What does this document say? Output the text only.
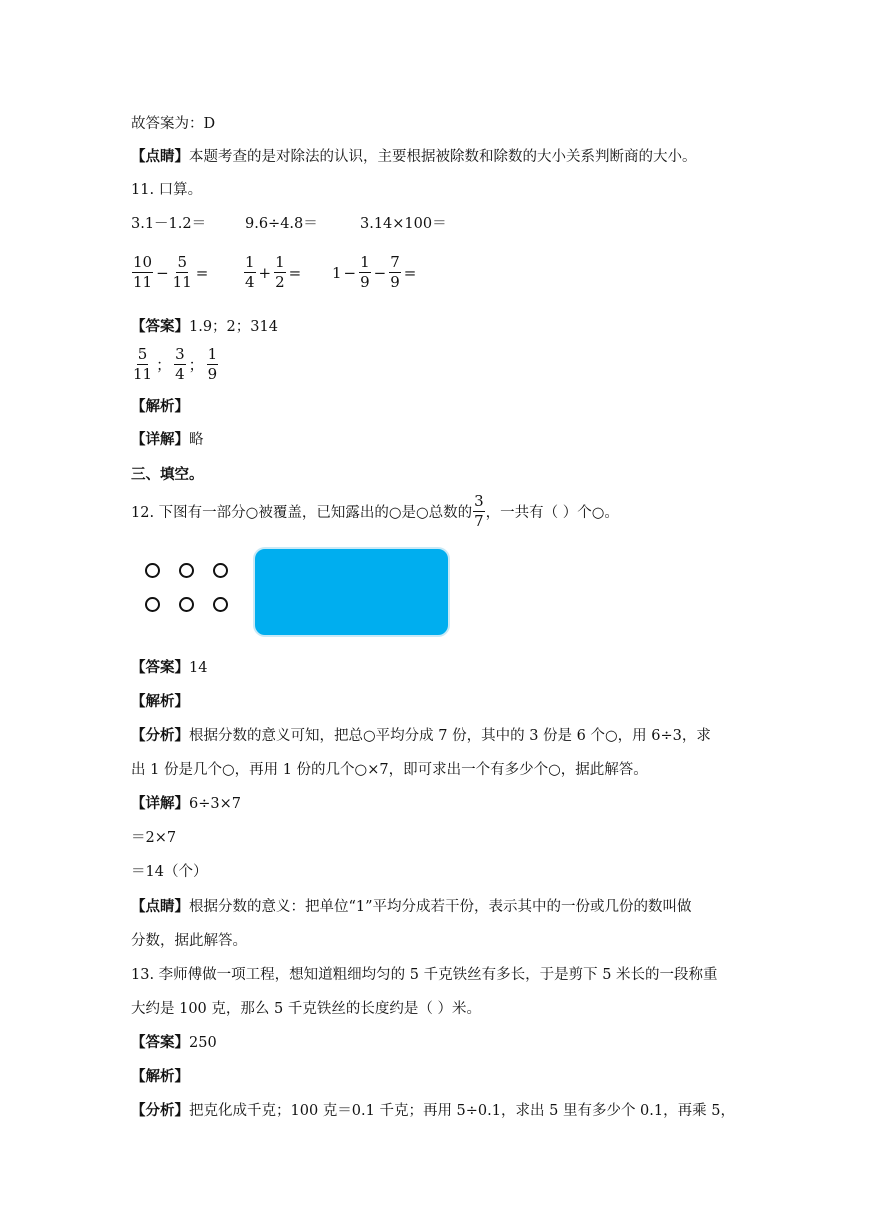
故答案为：D
【点睛】本题考查的是对除法的认识，主要根据被除数和除数的大小关系判断商的大小。
11. 口算。
3.1－1.2＝	9.6÷4.8＝	3.14×100＝
$\frac{10}{11} - \frac{5}{11} = \frac{1}{4} + \frac{1}{2} = 1 - \frac{1}{9} - \frac{7}{9}$ =
【答案】1.9；2；314
$\frac{5}{11}$ ； $\frac{3}{4}$ ； $\frac{1}{9}$
【解析】
【详解】略
三、填空。
12. 下图有一部分○被覆盖，已知露出的○是○总数的 $\frac{3}{7}$ ，一共有（ ）个○。
【答案】14
【解析】
【分析】根据分数的意义可知，把总○平均分成 7 份，其中的 3 份是 6 个○，用 6÷3，求
出 1 份是几个○，再用 1 份的几个○×7，即可求出一个有多少个○，据此解答。
【详解】6÷3×7
＝2×7
＝14（个）
【点睛】根据分数的意义：把单位“1”平均分成若干份，表示其中的一份或几份的数叫做
分数，据此解答。
13. 李师傅做一项工程，想知道粗细均匀的 5 千克铁丝有多长，于是剪下 5 米长的一段称重
大约是 100 克，那么 5 千克铁丝的长度约是（ ）米。
【答案】250
【解析】
【分析】把克化成千克；100 克＝0.1 千克；再用 5÷0.1，求出 5 里有多少个 0.1，再乘 5，
